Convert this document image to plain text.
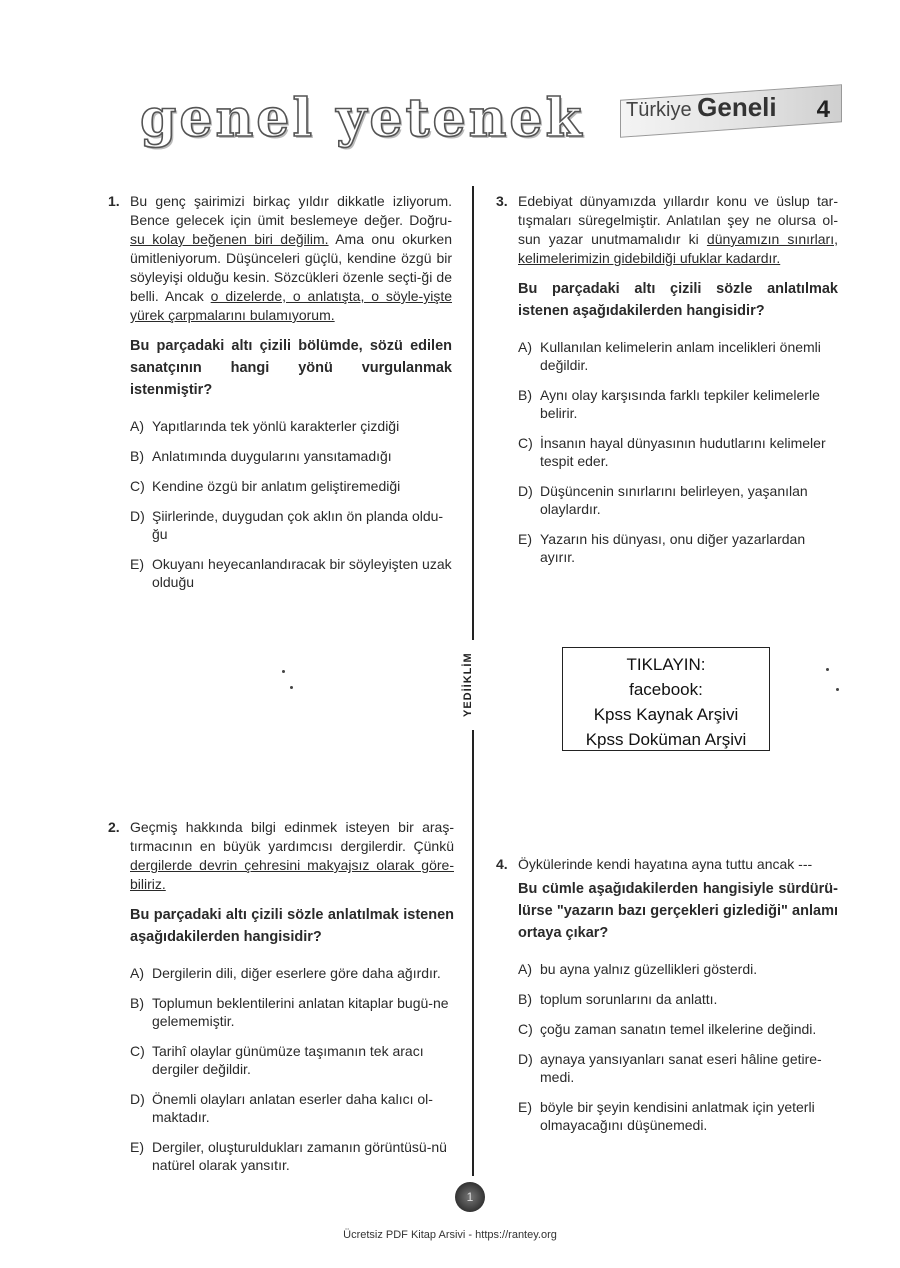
genel yetenek Türkiye Geneli 4
1. Bu genç şairimizi birkaç yıldır dikkatle izliyorum. Bence gelecek için ümit beslemeye değer. Doğru- su kolay beğenen biri değilim. Ama onu okurken ümitleniyorum. Düşünceleri güçlü, kendine özgü bir söyleyişi olduğu kesin. Sözcükleri özenle seçti-ği de belli. Ancak o dizelerde, o anlatışta, o söyle-yişte yürek çarpmalarını bulamıyorum.

Bu parçadaki altı çizili bölümde, sözü edilen sanatçının hangi yönü vurgulanmak istenmiştir?

A) Yapıtlarında tek yönlü karakterler çizdiği
B) Anlatımında duygularını yansıtamadığı
C) Kendine özgü bir anlatım geliştiremediği
D) Şiirlerinde, duygudan çok aklın ön planda oldu-ğu
E) Okuyanı heyecanlandıracak bir söyleyişten uzak olduğu
2. Geçmiş hakkında bilgi edinmek isteyen bir araş-tırmacının en büyük yardımcısı dergilerdir. Çünkü dergilerde devrin çehresini makyajsız olarak göre-biliriz.

Bu parçadaki altı çizili sözle anlatılmak istenen aşağıdakilerden hangisidir?

A) Dergilerin dili, diğer eserlere göre daha ağırdır.
B) Toplumun beklentilerini anlatan kitaplar bugü-ne gelememiştir.
C) Tarihî olaylar günümüze taşımanın tek aracı dergiler değildir.
D) Önemli olayları anlatan eserler daha kalıcı ol-maktadır.
E) Dergiler, oluşturuldukları zamanın görüntüsü-nü natürel olarak yansıtır.
YEDİİKLİM
3. Edebiyat dünyamızda yıllardır konu ve üslup tar-tışmaları süregelmiştir. Anlatılan şey ne olursa ol-sun yazar unutmamalıdır ki dünyamızın sınırları, kelimelerimizin gidebildiği ufuklar kadardır.

Bu parçadaki altı çizili sözle anlatılmak istenen aşağıdakilerden hangisidir?

A) Kullanılan kelimelerin anlam incelikleri önemli değildir.
B) Aynı olay karşısında farklı tepkiler kelimelerle belirir.
C) İnsanın hayal dünyasının hudutlarını kelimeler tespit eder.
D) Düşüncenin sınırlarını belirleyen, yaşanılan olaylardır.
E) Yazarın his dünyası, onu diğer yazarlardan ayırır.
TIKLAYIN:
facebook:
Kpss Kaynak Arşivi
Kpss Doküman Arşivi
4. Öykülerinde kendi hayatına ayna tuttu ancak ---

Bu cümle aşağıdakilerden hangisiyle sürdürü-lürse "yazarın bazı gerçekleri gizlediği" anlamı ortaya çıkar?

A) bu ayna yalnız güzellikleri gösterdi.
B) toplum sorunlarını da anlattı.
C) çoğu zaman sanatın temel ilkelerine değindi.
D) aynaya yansıyanları sanat eseri hâline getire-medi.
E) böyle bir şeyin kendisini anlatmak için yeterli olmayacağını düşünemedi.
1
Ücretsiz PDF Kitap Arsivi - https://rantey.org
